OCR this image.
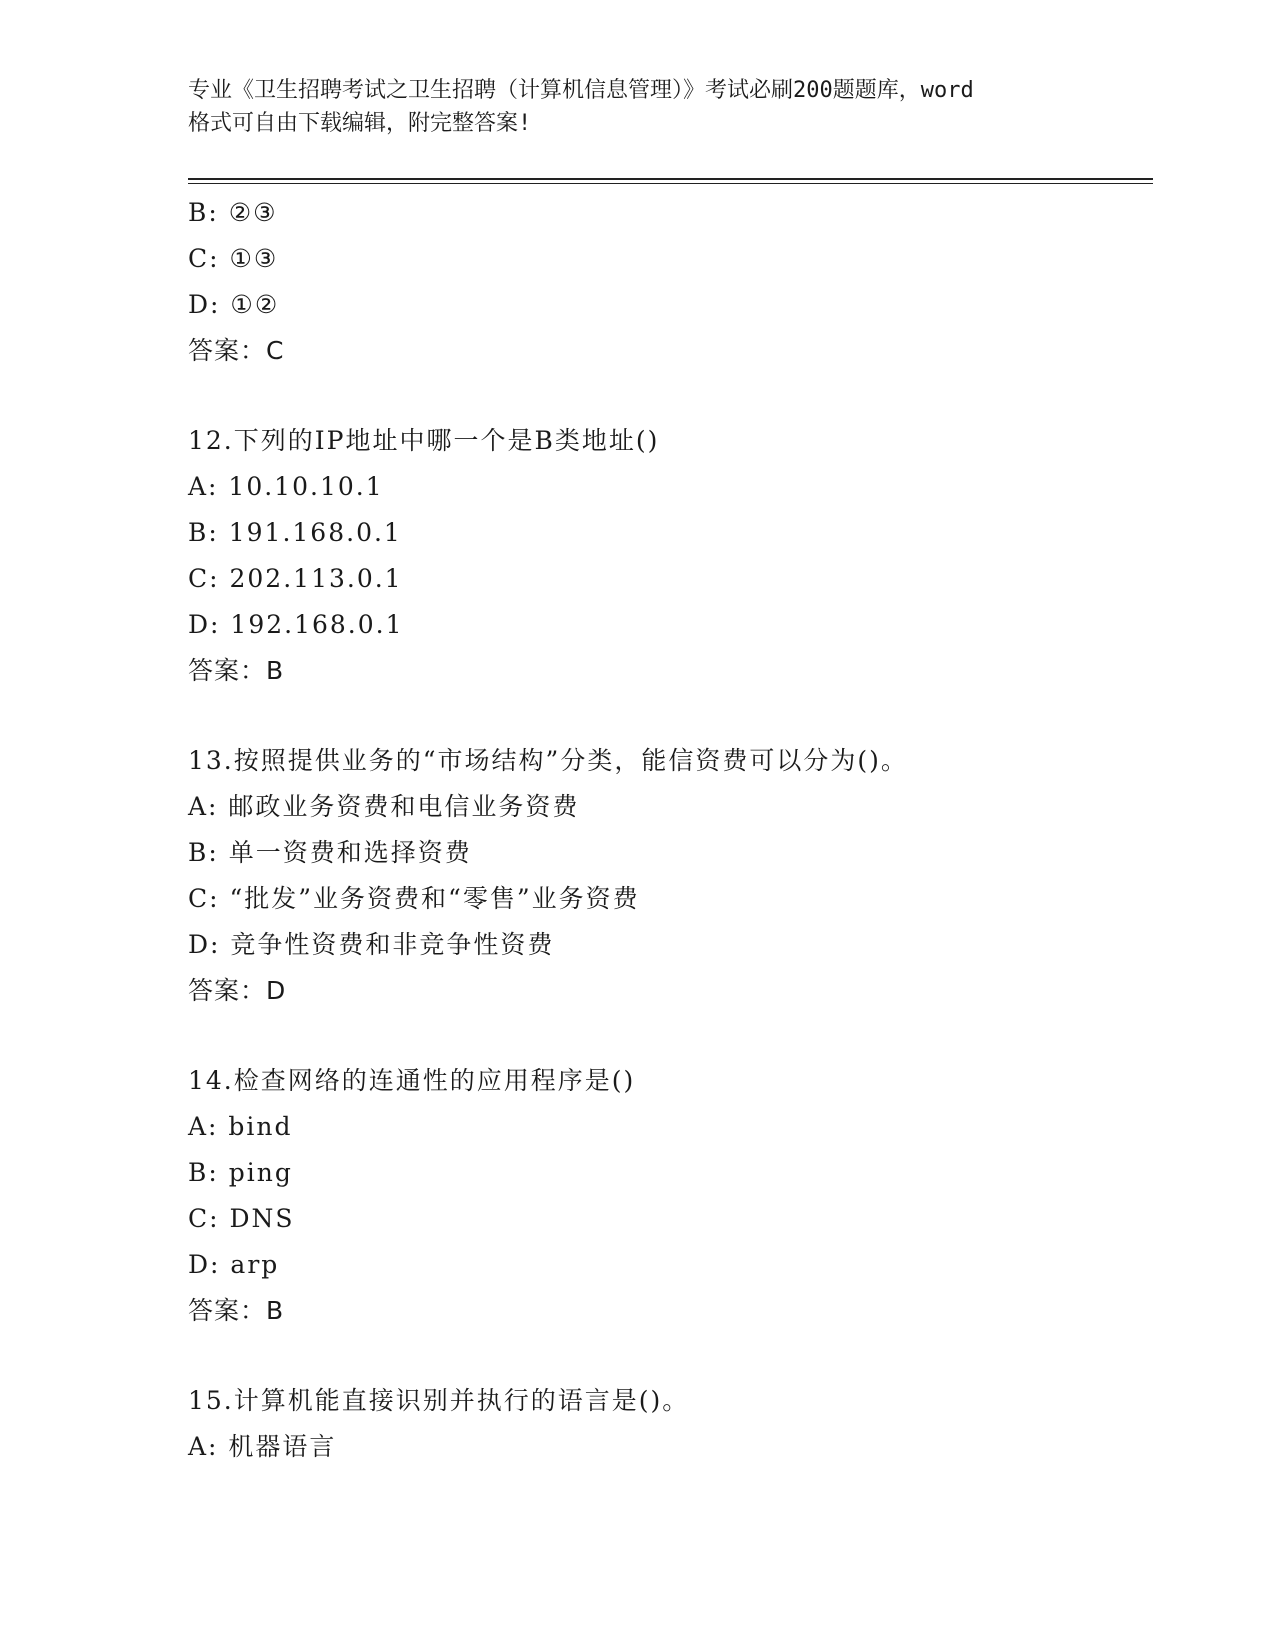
专业《卫生招聘考试之卫生招聘（计算机信息管理）》考试必刷200题题库，word
格式可自由下载编辑，附完整答案!
B: ②③
C: ①③
D: ①②
答案：C
12.下列的IP地址中哪一个是B类地址()
A: 10.10.10.1
B: 191.168.0.1
C: 202.113.0.1
D: 192.168.0.1
答案：B
13.按照提供业务的“市场结构”分类，能信资费可以分为()。
A: 邮政业务资费和电信业务资费
B: 单一资费和选择资费
C: “批发”业务资费和“零售”业务资费
D: 竞争性资费和非竞争性资费
答案：D
14.检查网络的连通性的应用程序是()
A: bind
B: ping
C: DNS
D: arp
答案：B
15.计算机能直接识别并执行的语言是()。
A: 机器语言
